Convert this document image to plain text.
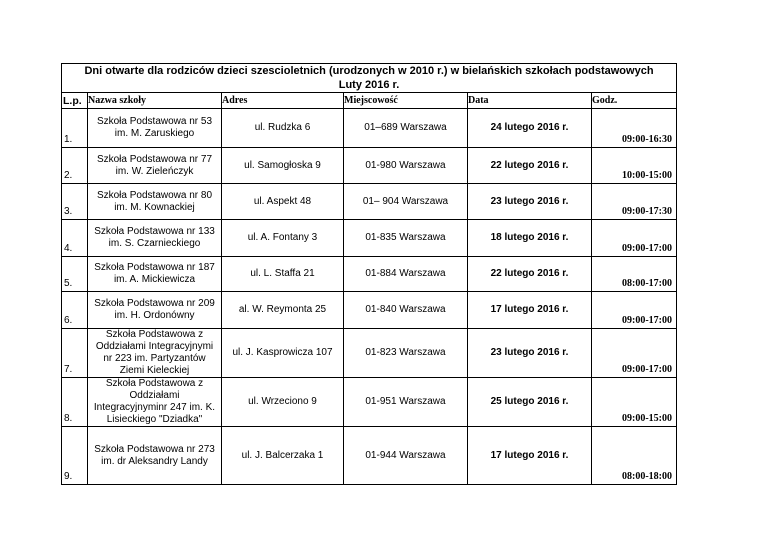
Dni otwarte dla rodziców dzieci szescioletnich (urodzonych w 2010 r.) w bielańskich szkołach podstawowych
Luty 2016 r.					

L.p.	Nazwa szkoły	Adres	Miejscowość	Data	Godz.
1.	Szkoła Podstawowa nr 53 im. M. Zaruskiego	ul. Rudzka 6	01–689 Warszawa	24 lutego 2016 r.	09:00-16:30
2.	Szkoła Podstawowa nr 77 im. W. Zieleńczyk	ul. Samogłoska 9	01-980 Warszawa	22 lutego 2016 r.	10:00-15:00
3.	Szkoła Podstawowa nr 80 im. M. Kownackiej	ul. Aspekt 48	01– 904 Warszawa	23 lutego 2016 r.	09:00-17:30
4.	Szkoła Podstawowa nr 133 im. S. Czarnieckiego	ul. A. Fontany 3	01-835 Warszawa	18 lutego 2016 r.	09:00-17:00
5.	Szkoła Podstawowa nr 187 im. A. Mickiewicza	ul. L. Staffa 21	01-884 Warszawa	22 lutego 2016 r.	08:00-17:00
6.	Szkoła Podstawowa nr 209 im. H. Ordonówny	al. W. Reymonta 25	01-840 Warszawa	17 lutego 2016 r.	09:00-17:00
7.	Szkoła Podstawowa z Oddziałami Integracyjnymi nr 223 im. Partyzantów Ziemi Kieleckiej	ul. J. Kasprowicza 107	01-823 Warszawa	23 lutego 2016 r.	09:00-17:00
8.	Szkoła Podstawowa z Oddziałami Integracyjnyminr 247 im. K. Lisieckiego "Dziadka"	ul. Wrzeciono 9	01-951 Warszawa	25 lutego 2016 r.	09:00-15:00
9.	Szkoła Podstawowa nr 273 im. dr Aleksandry Landy	ul. J. Balcerzaka 1	01-944 Warszawa	17 lutego 2016 r.	08:00-18:00
